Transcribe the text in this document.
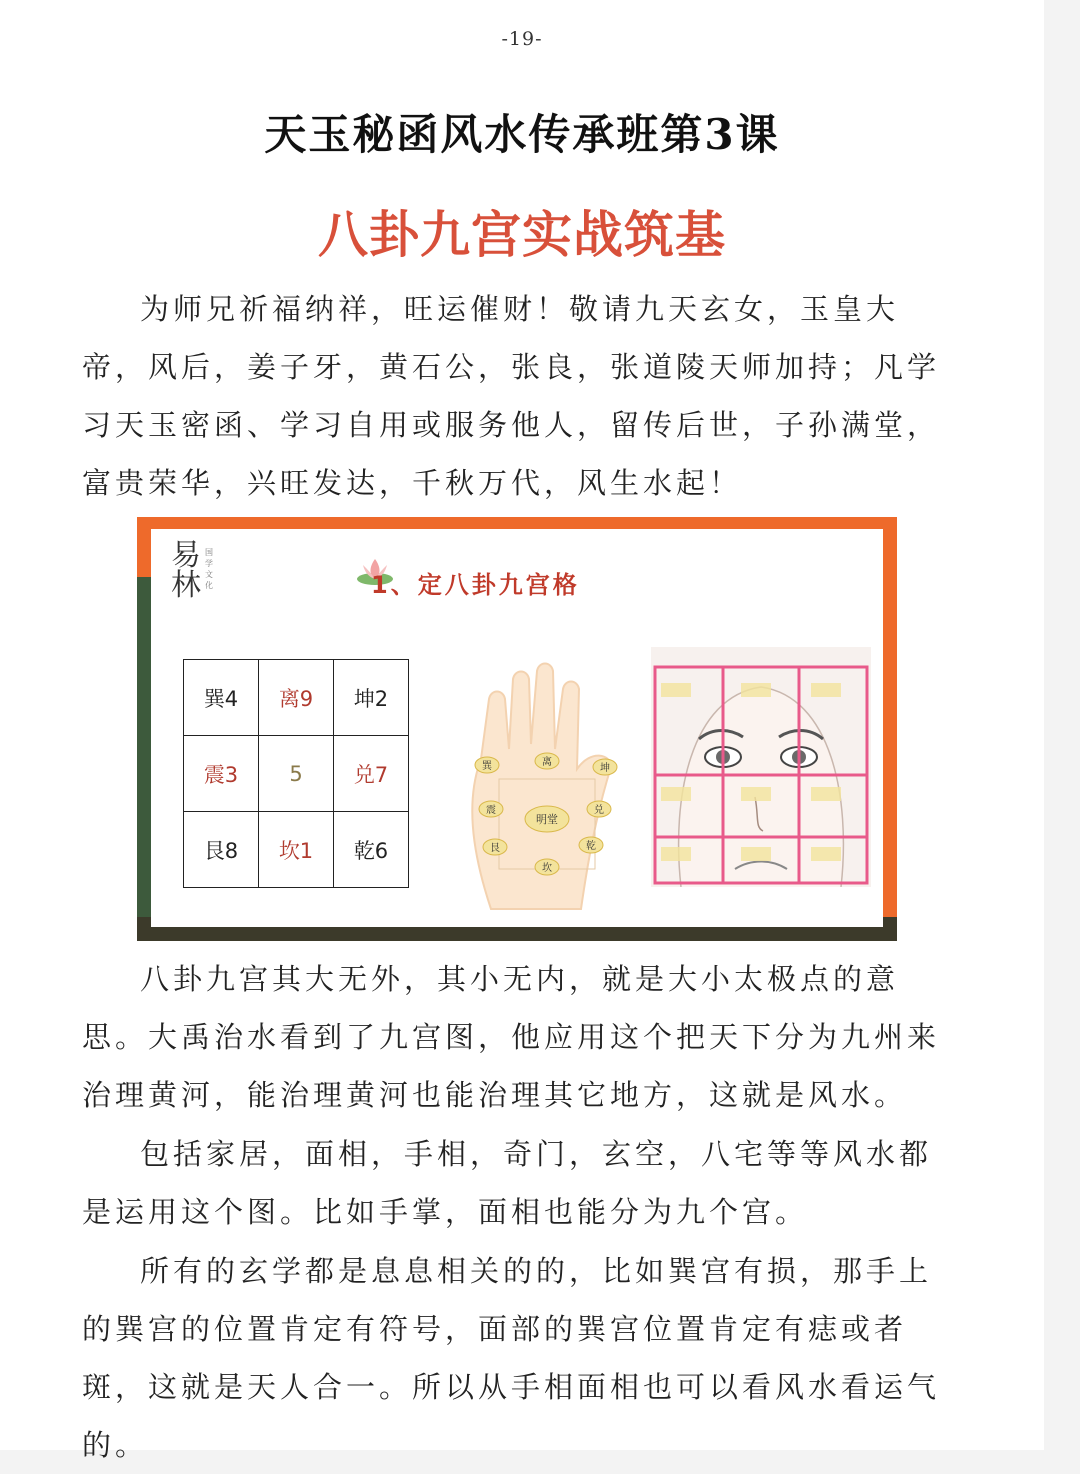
-19-
天玉秘函风水传承班第3课
八卦九宫实战筑基

为师兄祈福纳祥，旺运催财！敬请九天玄女，玉皇大帝，风后，姜子牙，黄石公，张良，张道陵天师加持；凡学习天玉密函、学习自用或服务他人，留传后世，子孙满堂，富贵荣华，兴旺发达，千秋万代，风生水起！

易林
国学文化	1、定八卦九宫格
巽4	离9	坤2
震3	5	兑7
艮8	坎1	乾6
巽	离
坤
震
明堂
兑
艮
坎
乾

八卦九宫其大无外，其小无内，就是大小太极点的意思。大禹治水看到了九宫图，他应用这个把天下分为九州来治理黄河，能治理黄河也能治理其它地方，这就是风水。

包括家居，面相，手相，奇门，玄空，八宅等等风水都是运用这个图。比如手掌，面相也能分为九个宫。

所有的玄学都是息息相关的的，比如巽宫有损，那手上的巽宫的位置肯定有符号，面部的巽宫位置肯定有痣或者斑，这就是天人合一。所以从手相面相也可以看风水看运气的。
